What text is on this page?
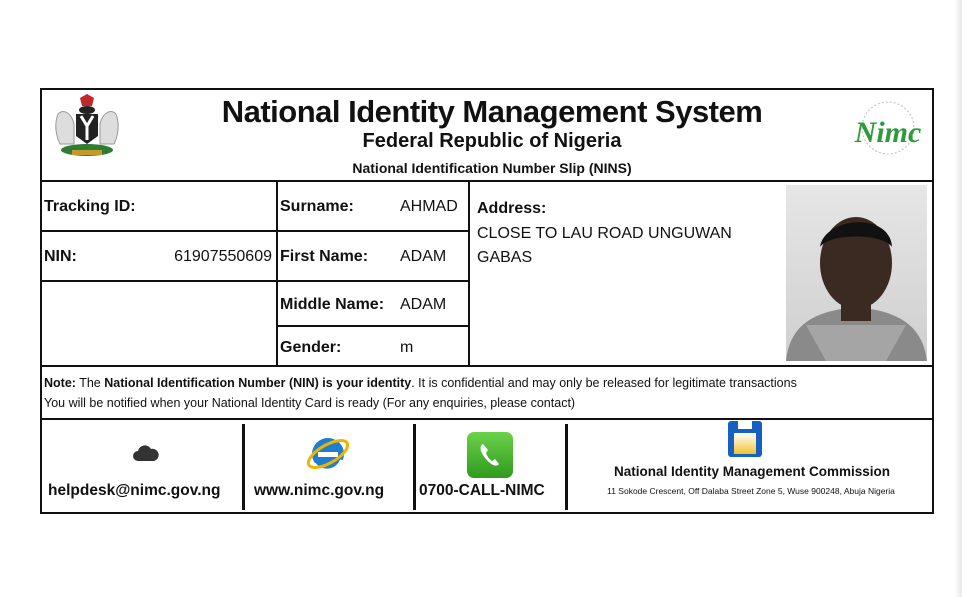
National Identity Management System
Federal Republic of Nigeria
National Identification Number Slip (NINS)
Nimc
Tracking ID:
NIN:	61907550609
Surname:	AHMAD
First Name: ADAM
Middle Name: ADAM
Gender:	m
Address:
CLOSE TO LAU ROAD UNGUWAN GABAS
Note: The National Identification Number (NIN) is your identity. It is confidential and may only be released for legitimate transactions
You will be notified when your National Identity Card is ready (For any enquiries, please contact)
helpdesk@nimc.gov.ng www.nimc.gov.ng 0700-CALL-NIMC
National Identity Management Commission
11 Sokode Crescent, Off Dalaba Street Zone 5, Wuse 900248, Abuja Nigeria
